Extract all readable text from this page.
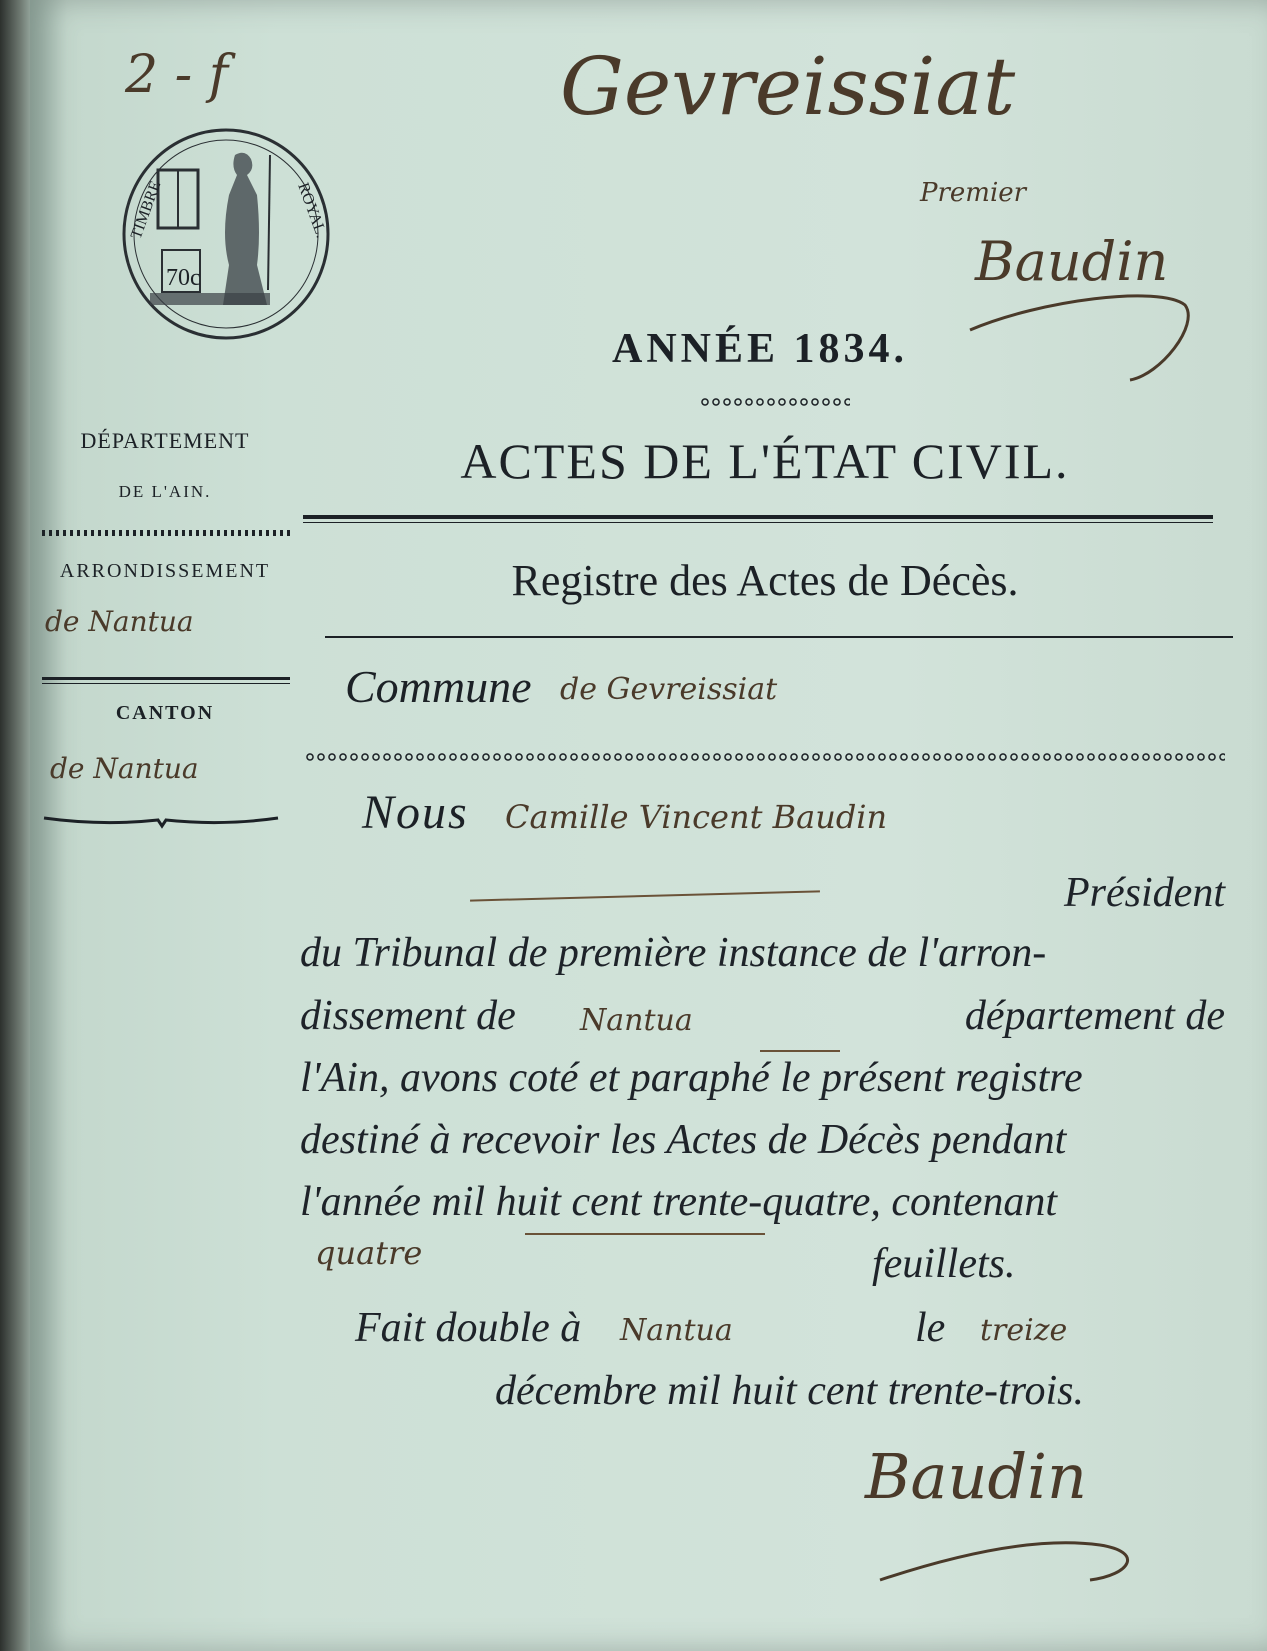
2 - f	Gevreissiat
Premier
Baudin
70c
TIMBRE	ROYAL.
ANNÉE 1834.
ACTES DE L'ÉTAT CIVIL.
Registre des Actes de Décès.
DÉPARTEMENT
DE L'AIN.
ARRONDISSEMENT
de Nantua
CANTON
de Nantua
Commune de Gevreissiat
Nous Camille Vincent Baudin
Président
du Tribunal de première instance de l'arron-
dissement de Nantua	département de
l'Ain, avons coté et paraphé le présent registre
destiné à recevoir les Actes de Décès pendant
l'année mil huit cent trente-quatre, contenant
quatre	feuillets.
Fait double à Nantua	le treize
décembre mil huit cent trente-trois.
Baudin
